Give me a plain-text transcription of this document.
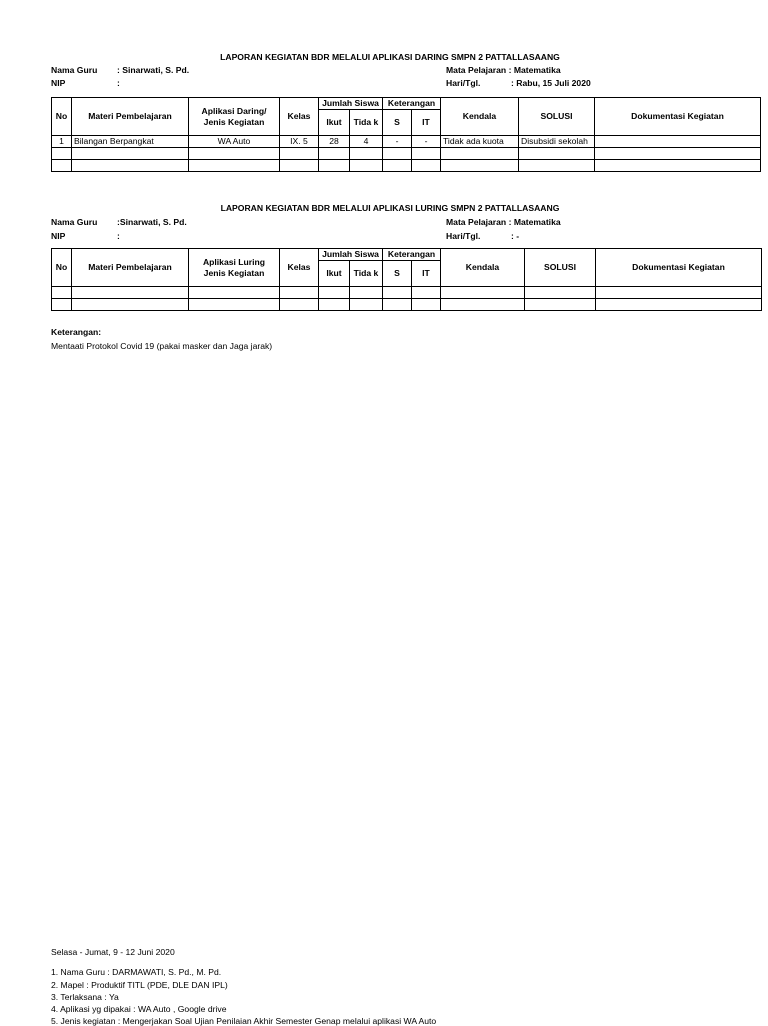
LAPORAN KEGIATAN BDR MELALUI APLIKASI DARING SMPN 2 PATTALLASAANG
Nama Guru : Sinarwati, S. Pd.	Mata Pelajaran : Matematika
NIP	:	Hari/Tgl.	: Rabu, 15 Juli 2020
No	Materi Pembelajaran	Aplikasi Daring/ Jenis Kegiatan	Kelas	Jumlah Siswa		Keterangan		Kendala	SOLUSI	Dokumentasi Kegiatan
				Ikut	Tida k	S	IT			
1	Bilangan Berpangkat	WA Auto	IX. 5	28	4	-	-	Tidak ada kuota	Disubsidi sekolah	

LAPORAN KEGIATAN BDR MELALUI APLIKASI LURING SMPN 2 PATTALLASAANG
Nama Guru :Sinarwati, S. Pd.	Mata Pelajaran : Matematika
NIP	:	Hari/Tgl.	: -
No	Materi Pembelajaran	Aplikasi Luring Jenis Kegiatan	Kelas	Jumlah Siswa		Keterangan		Kendala	SOLUSI	Dokumentasi Kegiatan
				Ikut	Tida k	S	IT			

Keterangan:
Mentaati Protokol Covid 19 (pakai masker dan Jaga jarak)
Selasa - Jumat, 9 - 12 Juni 2020
1. Nama Guru : DARMAWATI, S. Pd., M. Pd.
2. Mapel : Produktif TITL (PDE, DLE DAN IPL)
3. Terlaksana : Ya
4. Aplikasi yg dipakai : WA Auto , Google drive
5. Jenis kegiatan : Mengerjakan Soal Ujian Penilaian Akhir Semester Genap melalui aplikasi WA Auto
